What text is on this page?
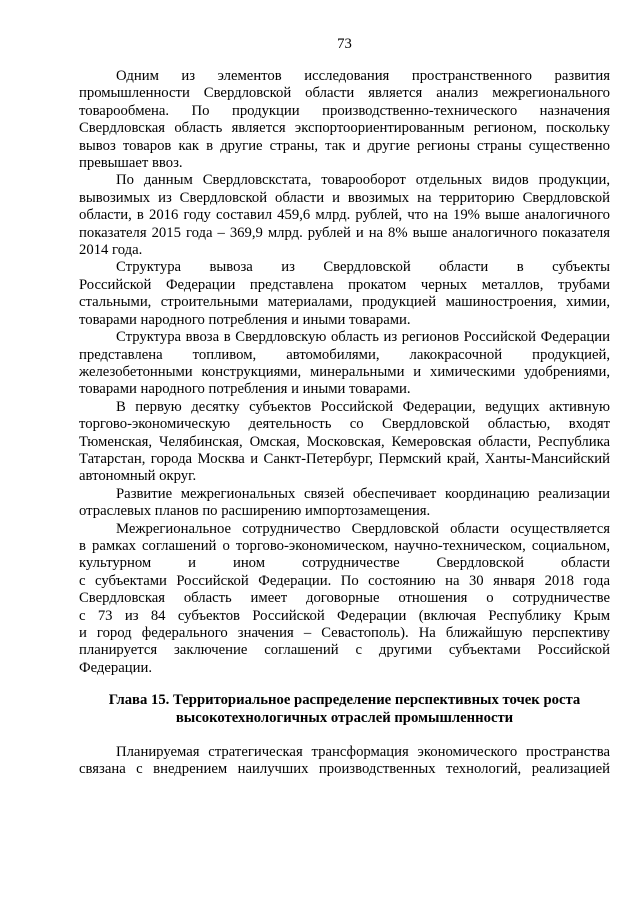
73
Одним из элементов исследования пространственного развития
промышленности Свердловской области является анализ межрегионального
товарообмена. По продукции производственно-технического назначения
Свердловская область является экспортоориентированным регионом, поскольку
вывоз товаров как в другие страны, так и другие регионы страны существенно
превышает ввоз.
По данным Свердловскстата, товарооборот отдельных видов продукции,
вывозимых из Свердловской области и ввозимых на территорию Свердловской
области, в 2016 году составил 459,6 млрд. рублей, что на 19% выше аналогичного
показателя 2015 года – 369,9 млрд. рублей и на 8% выше аналогичного показателя
2014 года.
Структура вывоза из Свердловской области в субъекты
Российской Федерации представлена прокатом черных металлов, трубами
стальными, строительными материалами, продукцией машиностроения, химии,
товарами народного потребления и иными товарами.
Структура ввоза в Свердловскую область из регионов Российской Федерации
представлена топливом, автомобилями, лакокрасочной продукцией,
железобетонными конструкциями, минеральными и химическими удобрениями,
товарами народного потребления и иными товарами.
В первую десятку субъектов Российской Федерации, ведущих активную
торгово-экономическую деятельность со Свердловской областью, входят
Тюменская, Челябинская, Омская, Московская, Кемеровская области, Республика
Татарстан, города Москва и Санкт-Петербург, Пермский край, Ханты-Мансийский
автономный округ.
Развитие межрегиональных связей обеспечивает координацию реализации
отраслевых планов по расширению импортозамещения.
Межрегиональное сотрудничество Свердловской области осуществляется
в рамках соглашений о торгово-экономическом, научно-техническом, социальном,
культурном и ином сотрудничестве Свердловской области
с субъектами Российской Федерации. По состоянию на 30 января 2018 года
Свердловская область имеет договорные отношения о сотрудничестве
с 73 из 84 субъектов Российской Федерации (включая Республику Крым
и город федерального значения – Севастополь). На ближайшую перспективу
планируется заключение соглашений с другими субъектами Российской
Федерации.
Глава 15. Территориальное распределение перспективных точек роста
высокотехнологичных отраслей промышленности
Планируемая стратегическая трансформация экономического пространства
связана с внедрением наилучших производственных технологий, реализацией
